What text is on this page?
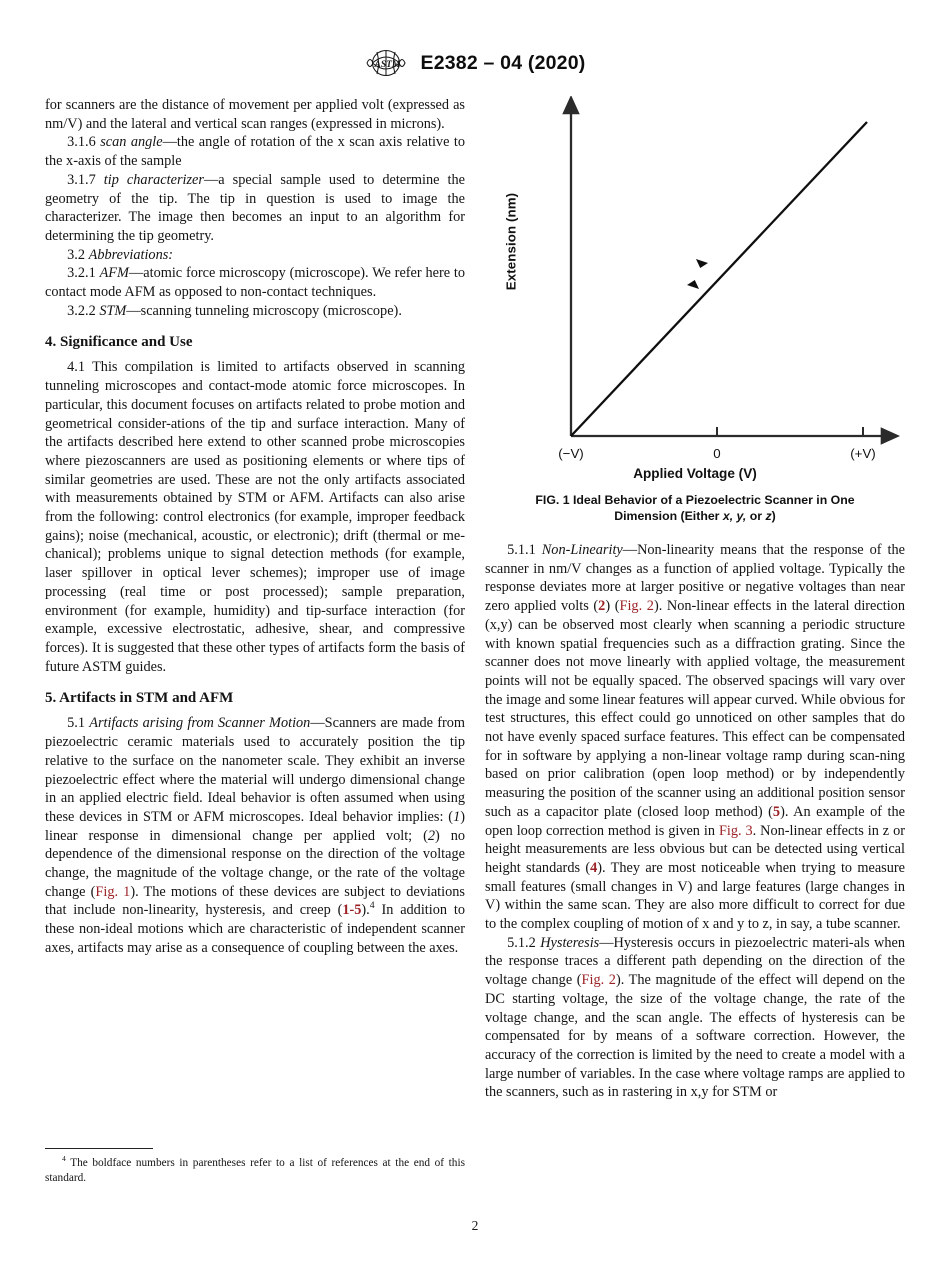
ASTM E2382 – 04 (2020)

for scanners are the distance of movement per applied volt (expressed as nm/V) and the lateral and vertical scan ranges (expressed in microns).

3.1.6 scan angle—the angle of rotation of the x scan axis relative to the x-axis of the sample

3.1.7 tip characterizer—a special sample used to determine the geometry of the tip. The tip in question is used to image the characterizer. The image then becomes an input to an algorithm for determining the tip geometry.

3.2 Abbreviations:

3.2.1 AFM—atomic force microscopy (microscope). We refer here to contact mode AFM as opposed to non-contact techniques.

3.2.2 STM—scanning tunneling microscopy (microscope).

4. Significance and Use

4.1 This compilation is limited to artifacts observed in scanning tunneling microscopes and contact-mode atomic force microscopes. In particular, this document focuses on artifacts related to probe motion and geometrical consider-ations of the tip and surface interaction. Many of the artifacts described here extend to other scanned probe microscopies where piezoscanners are used as positioning elements or where tips of similar geometries are used. These are not the only artifacts associated with measurements obtained by STM or AFM. Artifacts can also arise from the following: control electronics (for example, improper feedback gains); noise (mechanical, acoustic, or electronic); drift (thermal or me-chanical); problems unique to signal detection methods (for example, laser spillover in optical lever schemes); improper use of image processing (real time or post processed); sample preparation, environment (for example, humidity) and tip-surface interaction (for example, excessive electrostatic, adhesive, shear, and compressive forces). It is suggested that these other types of artifacts form the basis of future ASTM guides.

5. Artifacts in STM and AFM

5.1 Artifacts arising from Scanner Motion—Scanners are made from piezoelectric ceramic materials used to accurately position the tip relative to the surface on the nanometer scale. They exhibit an inverse piezoelectric effect where the material will undergo dimensional change in an applied electric field. Ideal behavior is often assumed when using these devices in STM or AFM microscopes. Ideal behavior implies: (1) linear response in dimensional change per applied volt; (2) no dependence of the dimensional response on the direction of the voltage change, the magnitude of the voltage change, or the rate of the voltage change (Fig. 1). The motions of these devices are subject to deviations that include non-linearity, hysteresis, and creep (1-5).$^4$ In addition to these non-ideal motions which are characteristic of independent scanner axes, artifacts may arise as a consequence of coupling between the axes.

$^4$ The boldface numbers in parentheses refer to a list of references at the end of this standard.

Extension (nm)
(−V)	0	(+V)
Applied Voltage (V)
FIG. 1 Ideal Behavior of a Piezoelectric Scanner in One
Dimension (Either x, y, or z)

5.1.1 Non-Linearity—Non-linearity means that the response of the scanner in nm/V changes as a function of applied voltage. Typically the response deviates more at larger positive or negative voltages than near zero applied volts (2) (Fig. 2). Non-linear effects in the lateral direction (x,y) can be observed most clearly when scanning a periodic structure with known spatial frequencies such as a diffraction grating. Since the scanner does not move linearly with applied voltage, the measurement points will not be equally spaced. The observed spacings will vary over the image and some linear features will appear curved. While obvious for test structures, this effect could go unnoticed on other samples that do not have evenly spaced surface features. This effect can be compensated for in software by applying a non-linear voltage ramp during scan-ning based on prior calibration (open loop method) or by independently measuring the position of the scanner using an additional position sensor such as a capacitor plate (closed loop method) (5). An example of the open loop correction method is given in Fig. 3. Non-linear effects in z or height measurements are less obvious but can be detected using vertical height standards (4). They are most noticeable when trying to measure small features (small changes in V) and large features (large changes in V) within the same scan. They are also more difficult to correct for due to the complex coupling of motion of x and y to z, in say, a tube scanner.

5.1.2 Hysteresis—Hysteresis occurs in piezoelectric materi-als when the response traces a different path depending on the direction of the voltage change (Fig. 2). The magnitude of the effect will depend on the DC starting voltage, the size of the voltage change, the rate of the voltage change, and the scan angle. The effects of hysteresis can be compensated for by means of a software correction. However, the accuracy of the correction is limited by the need to create a model with a large number of variables. In the case where voltage ramps are applied to the scanners, such as in rastering in x,y for STM or

2
